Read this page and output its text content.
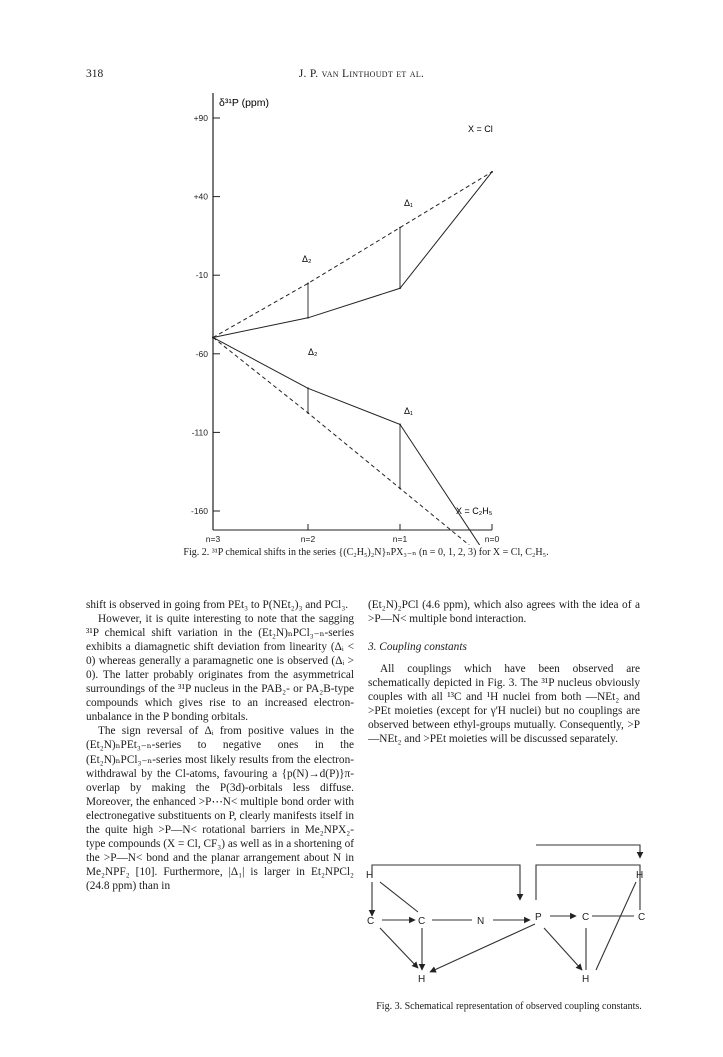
318	J. P. van Linthoudt et al.
+90
+40
-10
-60
-110
-160
n=3	n=2	n=1	n=0
δ³¹P (ppm)
X = Cl
X = C₂H₅
Δ₁
Δ₂
Δ₂
Δ₁
Fig. 2. ³¹P chemical shifts in the series {(C₂H₅)₂N}ₙPX₃₋ₙ (n = 0, 1, 2, 3) for X = Cl, C₂H₅.

shift is observed in going from PEt₃ to P(NEt₂)₃ and PCl₃.

However, it is quite interesting to note that the sagging ³¹P chemical shift variation in the (Et₂N)ₙPCl₃₋ₙ-series exhibits a diamagnetic shift deviation from linearity (Δᵢ < 0) whereas generally a paramagnetic one is observed (Δᵢ > 0). The latter probably originates from the asymmetrical surroundings of the ³¹P nucleus in the PAB₂- or PA₂B-type compounds which gives rise to an increased electron-unbalance in the P bonding orbitals.

The sign reversal of Δᵢ from positive values in the (Et₂N)ₙPEt₃₋ₙ-series to negative ones in the (Et₂N)ₙPCl₃₋ₙ-series most likely results from the electron-withdrawal by the Cl-atoms, favouring a {p(N)→d(P)}π-overlap by making the P(3d)-orbitals less diffuse. Moreover, the enhanced >P⋯N< multiple bond order with electronegative substituents on P, clearly manifests itself in the quite high >P—N< rotational barriers in Me₂NPX₂-type compounds (X = Cl, CF₃) as well as in a shortening of the >P—N< bond and the planar arrangement about N in Me₂NPF₂ [10]. Furthermore, |Δ₁| is larger in Et₂NPCl₂ (24.8 ppm) than in

(Et₂N)₂PCl (4.6 ppm), which also agrees with the idea of a >P—N< multiple bond interaction.

3. Coupling constants

All couplings which have been observed are schematically depicted in Fig. 3. The ³¹P nucleus obviously couples with all ¹³C and ¹H nuclei from both —NEt₂ and >PEt moieties (except for γ'H nuclei) but no couplings are observed between ethyl-groups mutually. Consequently, >P—NEt₂ and >PEt moieties will be discussed separately.

H	H
C	C	N	P	C	C
H	H
Fig. 3. Schematical representation of observed coupling constants.
